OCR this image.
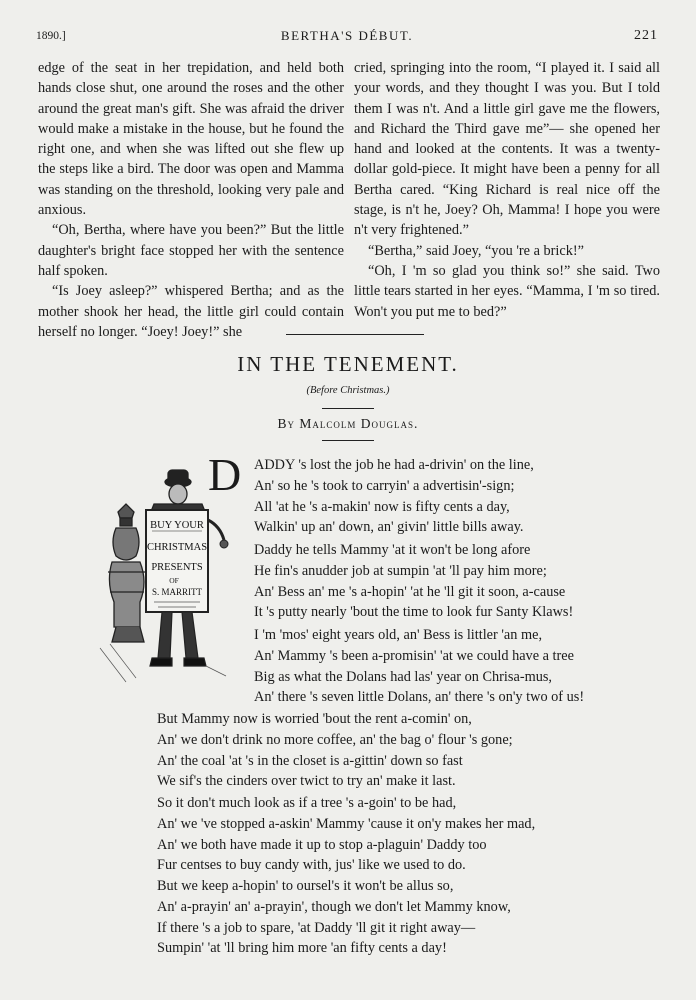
1890.]	BERTHA'S DÉBUT.	221

edge of the seat in her trepidation, and held both hands close shut, one around the roses and the other around the great man's gift. She was afraid the driver would make a mistake in the house, but he found the right one, and when she was lifted out she flew up the steps like a bird. The door was open and Mamma was standing on the threshold, looking very pale and anxious.

“Oh, Bertha, where have you been?” But the little daughter's bright face stopped her with the sentence half spoken.

“Is Joey asleep?” whispered Bertha; and as the mother shook her head, the little girl could contain herself no longer. “Joey! Joey!” she

cried, springing into the room, “I played it. I said all your words, and they thought I was you. But I told them I was n't. And a little girl gave me the flowers, and Richard the Third gave me”— she opened her hand and looked at the contents. It was a twenty-dollar gold-piece. It might have been a penny for all Bertha cared. “King Richard is real nice off the stage, is n't he, Joey? Oh, Mamma! I hope you were n't very frightened.”

“Bertha,” said Joey, “you 're a brick!”

“Oh, I 'm so glad you think so!” she said. Two little tears started in her eyes. “Mamma, I 'm so tired. Won't you put me to bed?”

IN THE TENEMENT.
(Before Christmas.)
By Malcolm Douglas.
BUY YOUR
CHRISTMAS
PRESENTS
OF
S. MARRITT
D ADDY 's lost the job he had a-drivin' on the line,
An' so he 's took to carryin' a advertisin'-sign;
All 'at he 's a-makin' now is fifty cents a day,
Walkin' up an' down, an' givin' little bills away.
Daddy he tells Mammy 'at it won't be long afore
He fin's anudder job at sumpin 'at 'll pay him more;
An' Bess an' me 's a-hopin' 'at he 'll git it soon, a-cause
It 's putty nearly 'bout the time to look fur Santy Klaws!
I 'm 'mos' eight years old, an' Bess is littler 'an me,
An' Mammy 's been a-promisin' 'at we could have a tree
Big as what the Dolans had las' year on Chrisa-mus,
An' there 's seven little Dolans, an' there 's on'y two of us!
But Mammy now is worried 'bout the rent a-comin' on,
An' we don't drink no more coffee, an' the bag o' flour 's gone;
An' the coal 'at 's in the closet is a-gittin' down so fast
We sif's the cinders over twict to try an' make it last.
So it don't much look as if a tree 's a-goin' to be had,
An' we 've stopped a-askin' Mammy 'cause it on'y makes her mad,
An' we both have made it up to stop a-plaguin' Daddy too
Fur centses to buy candy with, jus' like we used to do.
But we keep a-hopin' to oursel's it won't be allus so,
An' a-prayin' an' a-prayin', though we don't let Mammy know,
If there 's a job to spare, 'at Daddy 'll git it right away—
Sumpin' 'at 'll bring him more 'an fifty cents a day!
